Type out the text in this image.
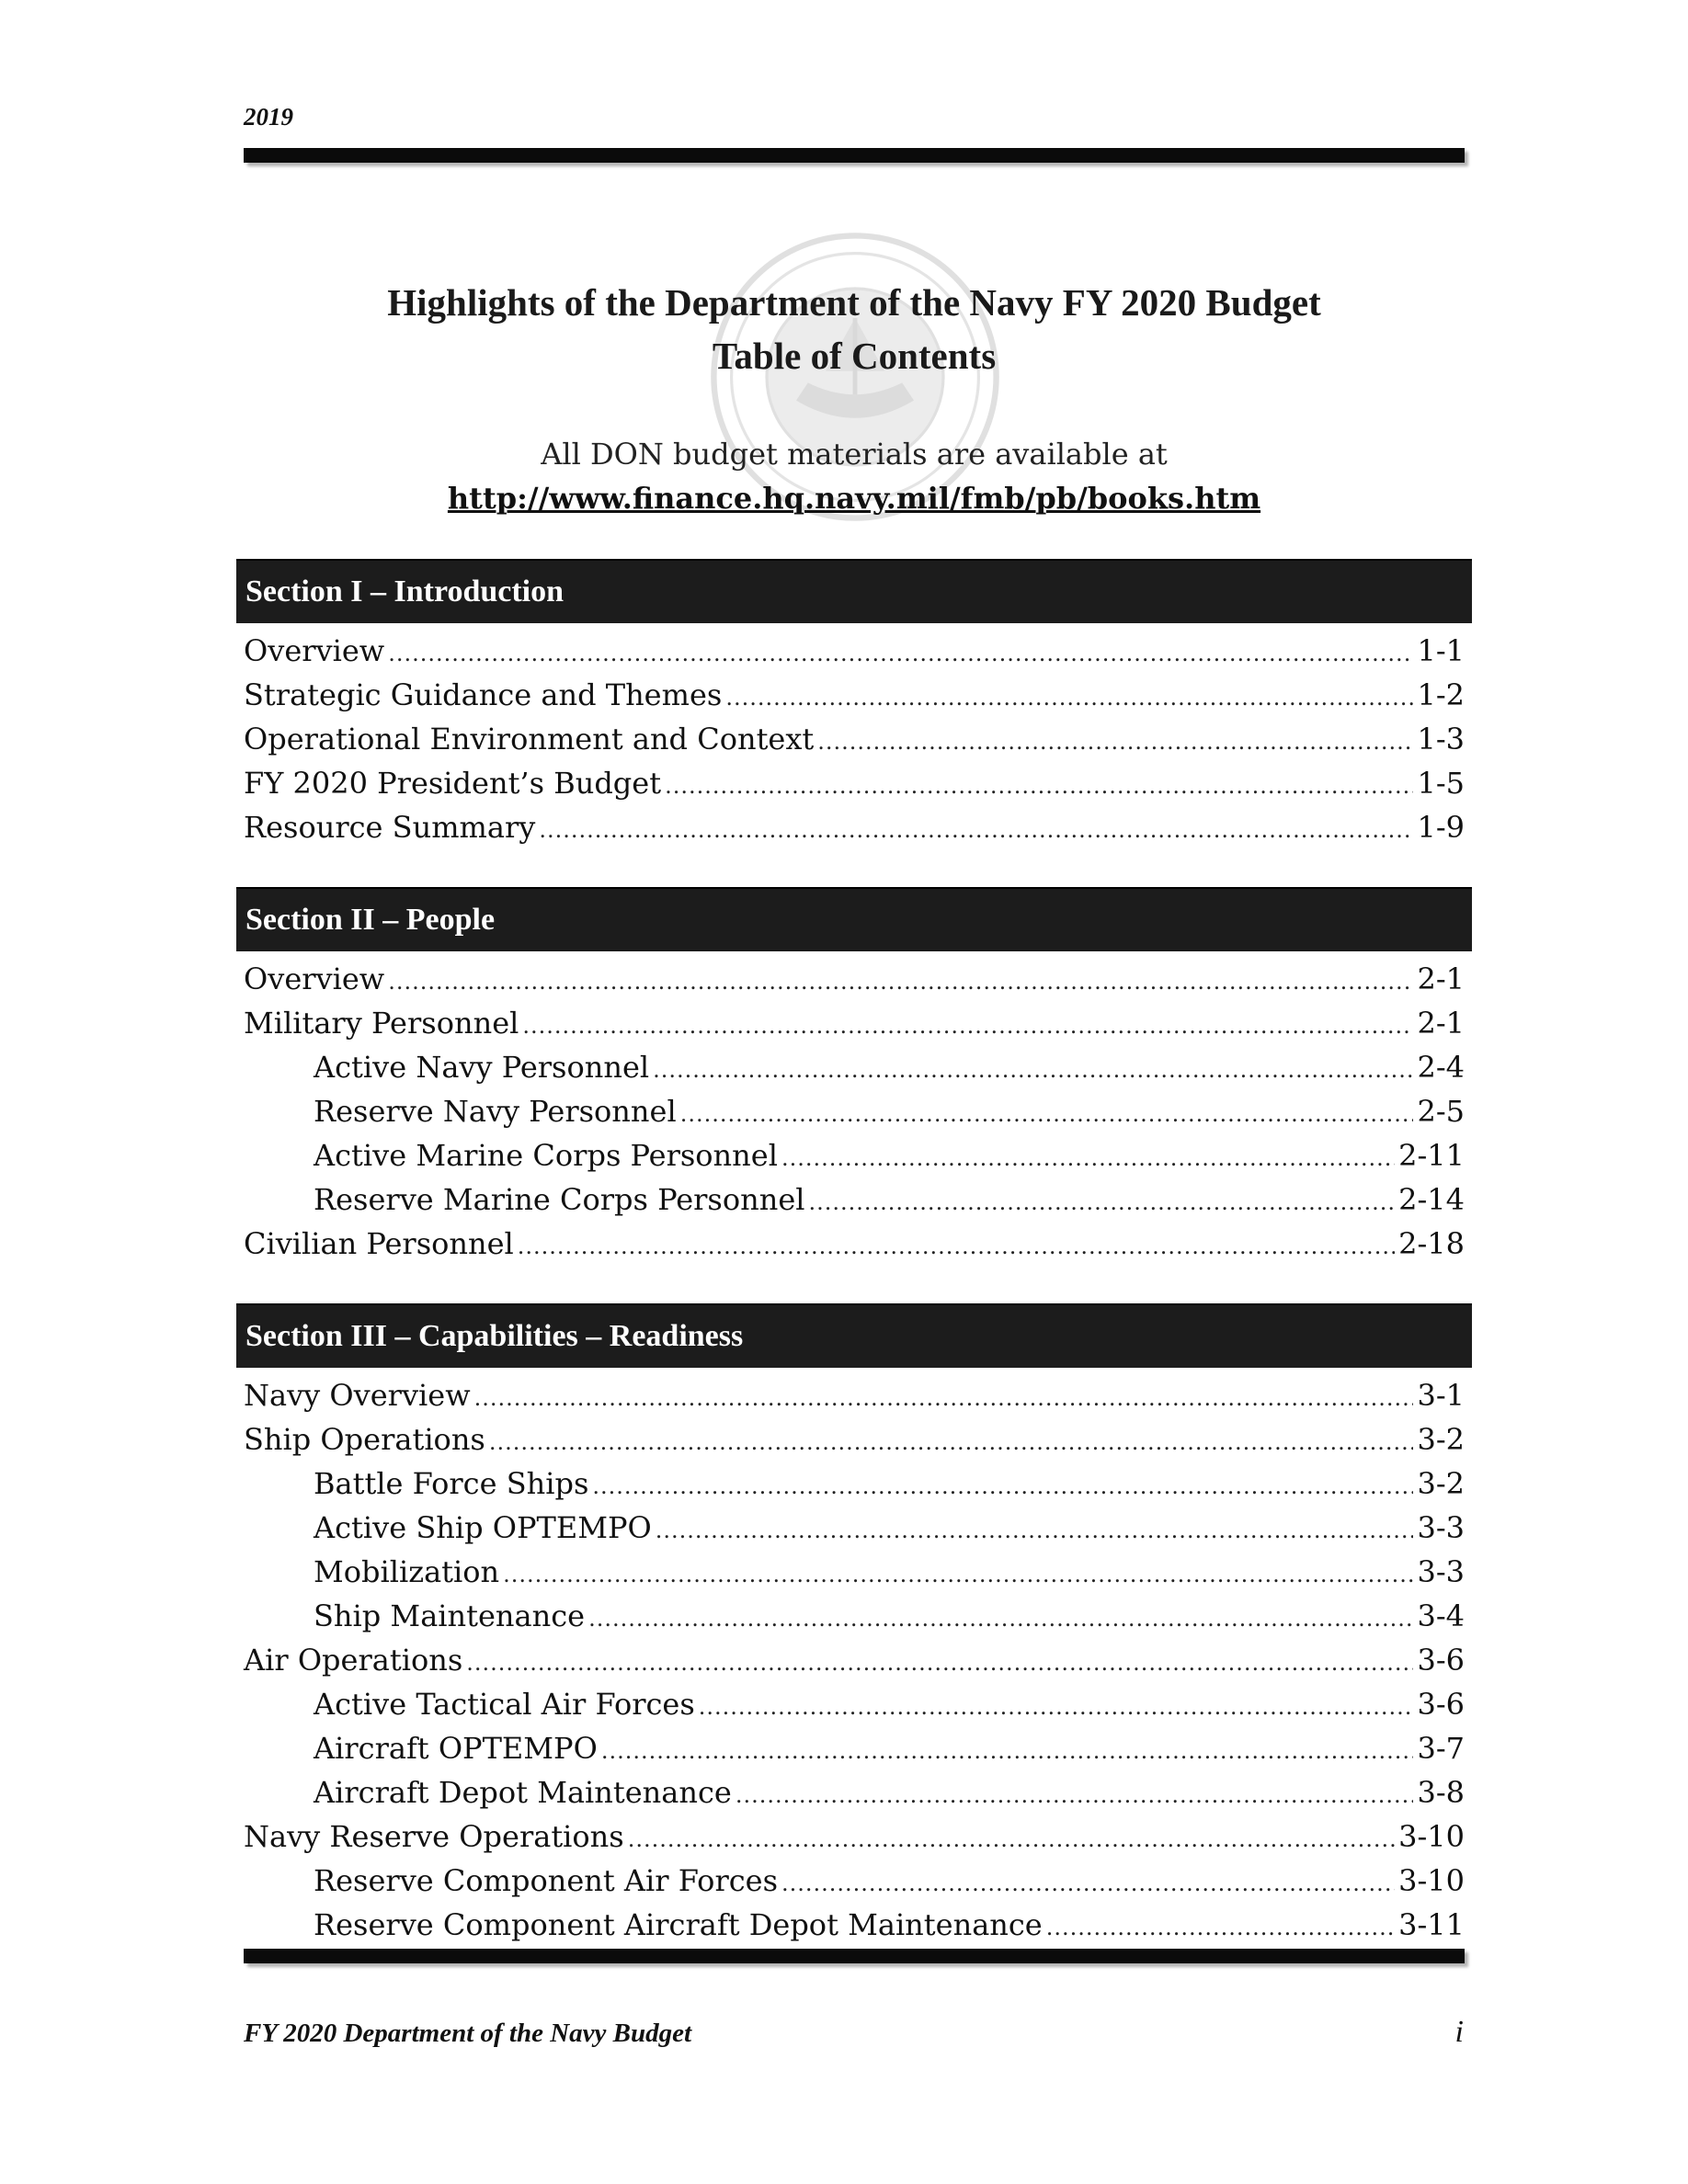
2019
Highlights of the Department of the Navy FY 2020 Budget
Table of Contents
All DON budget materials are available at
http://www.finance.hq.navy.mil/fmb/pb/books.htm
Section I – Introduction
Overview .....	1-1
Strategic Guidance and Themes .....	1-2
Operational Environment and Context .....	1-3
FY 2020 President’s Budget .....	1-5
Resource Summary .....	1-9
Section II – People
Overview .....	2-1
Military Personnel .....	2-1
Active Navy Personnel .....	2-4
Reserve Navy Personnel .....	2-5
Active Marine Corps Personnel .....	2-11
Reserve Marine Corps Personnel .....	2-14
Civilian Personnel .....	2-18
Section III – Capabilities – Readiness
Navy Overview .....	3-1
Ship Operations .....	3-2
Battle Force Ships .....	3-2
Active Ship OPTEMPO .....	3-3
Mobilization .....	3-3
Ship Maintenance .....	3-4
Air Operations .....	3-6
Active Tactical Air Forces .....	3-6
Aircraft OPTEMPO .....	3-7
Aircraft Depot Maintenance .....	3-8
Navy Reserve Operations .....	3-10
Reserve Component Air Forces .....	3-10
Reserve Component Aircraft Depot Maintenance .....	3-11
FY 2020 Department of the Navy Budget	i
